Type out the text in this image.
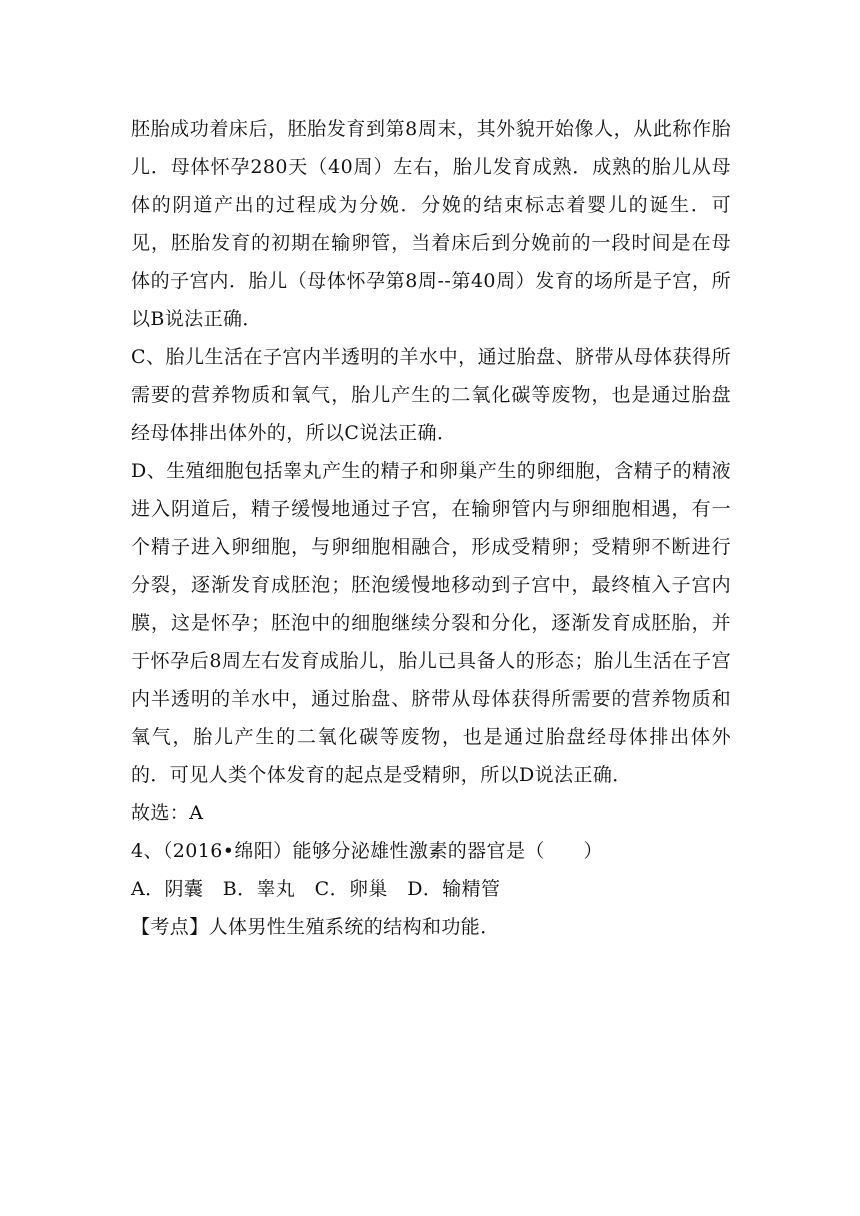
胚胎成功着床后，胚胎发育到第8周末，其外貌开始像人，从此称作胎儿．母体怀孕280天（40周）左右，胎儿发育成熟．成熟的胎儿从母体的阴道产出的过程成为分娩．分娩的结束标志着婴儿的诞生．可见，胚胎发育的初期在输卵管，当着床后到分娩前的一段时间是在母体的子宫内．胎儿（母体怀孕第8周--第40周）发育的场所是子宫，所以B说法正确．

C、胎儿生活在子宫内半透明的羊水中，通过胎盘、脐带从母体获得所需要的营养物质和氧气，胎儿产生的二氧化碳等废物，也是通过胎盘经母体排出体外的，所以C说法正确．

D、生殖细胞包括睾丸产生的精子和卵巢产生的卵细胞，含精子的精液进入阴道后，精子缓慢地通过子宫，在输卵管内与卵细胞相遇，有一个精子进入卵细胞，与卵细胞相融合，形成受精卵；受精卵不断进行分裂，逐渐发育成胚泡；胚泡缓慢地移动到子宫中，最终植入子宫内膜，这是怀孕；胚泡中的细胞继续分裂和分化，逐渐发育成胚胎，并于怀孕后8周左右发育成胎儿，胎儿已具备人的形态；胎儿生活在子宫内半透明的羊水中，通过胎盘、脐带从母体获得所需要的营养物质和氧气，胎儿产生的二氧化碳等废物，也是通过胎盘经母体排出体外的．可见人类个体发育的起点是受精卵，所以D说法正确．

故选：A

4、（2016•绵阳）能够分泌雄性激素的器官是（　　）

A．阴囊　B．睾丸　C．卵巢　D．输精管

【考点】人体男性生殖系统的结构和功能．
